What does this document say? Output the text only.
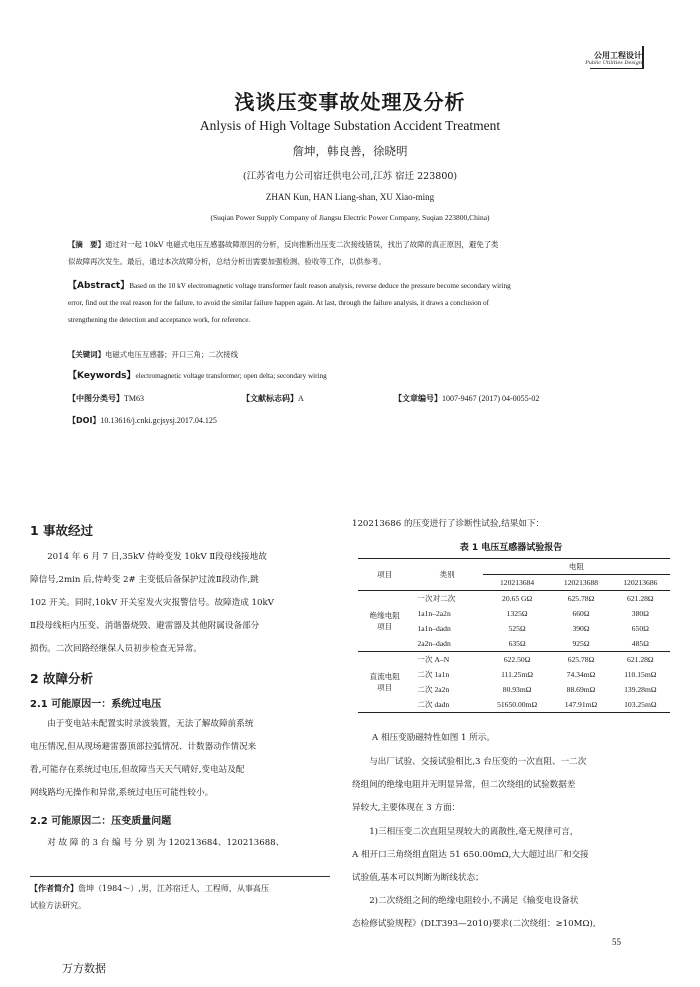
公用工程设计
Public Utilities Design
浅谈压变事故处理及分析
Anlysis of High Voltage Substation Accident Treatment
詹坤，韩良善，徐晓明
(江苏省电力公司宿迁供电公司,江苏 宿迁 223800)
ZHAN Kun, HAN Liang-shan, XU Xiao-ming
(Suqian Power Supply Company of Jiangsu Electric Power Company, Suqian 223800,China)
【摘　要】通过对一起 10kV 电磁式电压互感器故障原因的分析，反向推断出压变二次接线错误，找出了故障的真正原因，避免了类
似故障再次发生。最后，通过本次故障分析，总结分析出需要加强检测、验收等工作，以供参考。
【Abstract】Based on the 10 kV electromagnetic voltage transformer fault reason analysis, reverse deduce the pressure become secondary wiring
error, find out the real reason for the failure, to avoid the similar failure happen again. At last, through the failure analysis, it draws a conclusion of
strengthening the detection and acceptance work, for reference.
【关键词】电磁式电压互感器；开口三角；二次接线
【Keywords】electromagnetic voltage transformer; open delta; secondary wiring
【中图分类号】TM63	【文献标志码】A	【文章编号】1007-9467 (2017) 04-0055-02
【DOI】10.13616/j.cnki.gcjsysj.2017.04.125
1 事故经过
2014 年 6 月 7 日,35kV 侍岭变发 10kV Ⅱ段母线接地故
障信号,2min 后,侍岭变 2# 主变低后备保护过流Ⅱ段动作,跳
102 开关。同时,10kV 开关室发火灾报警信号。故障造成 10kV
Ⅱ段母线柜内压变、消谐器烧毁、避雷器及其他附属设备部分
损伤。二次回路经继保人员初步检查无异常。
2 故障分析
2.1 可能原因一：系统过电压
由于变电站未配置实时录波装置，无法了解故障前系统
电压情况,但从现场避雷器顶部拉弧情况、计数器动作情况来
看,可能存在系统过电压,但故障当天天气晴好,变电站及配
网线路均无操作和异常,系统过电压可能性较小。
2.2 可能原因二：压变质量问题
对 故 障 的 3 台 编 号 分 别 为 120213684、120213688、
【作者简介】詹坤（1984～）,男，江苏宿迁人，工程师，从事高压
试验方法研究。
120213686 的压变进行了诊断性试验,结果如下：
表 1 电压互感器试验报告
项目	类别	电阻		
		120213684	120213688	120213686

绝缘电阻
项目	一次对二次	20.65 GΩ	625.78Ω	621.28Ω
	1a1n–2a2n	1325Ω	660Ω	380Ω
	1a1n–dadn	525Ω	390Ω	650Ω
	2a2n–dadn	635Ω	925Ω	485Ω

直流电阻
项目	一次 A–N	622.50Ω	625.78Ω	621.28Ω
	二次 1a1n	111.25mΩ	74.34mΩ	110.15mΩ
	二次 2a2n	80.93mΩ	88.69mΩ	139.28mΩ
	二次 dadn	51650.00mΩ	147.91mΩ	103.25mΩ
A 相压变励磁特性如图 1 所示。
与出厂试验、交接试验相比,3 台压变的一次直阻、一二次
绕组间的绝缘电阻并无明显异常，但二次绕组的试验数据差
异较大,主要体现在 3 方面：
1)三相压变二次直阻呈现较大的离散性,毫无规律可言，
A 相开口三角绕组直阻达 51 650.00mΩ,大大超过出厂和交接
试验值,基本可以判断为断线状态；
2)二次绕组之间的绝缘电阻较小,不满足《输变电设备状
态检修试验规程》(DLT393—2010)要求(二次绕组：≥10MΩ),
55
万方数据
